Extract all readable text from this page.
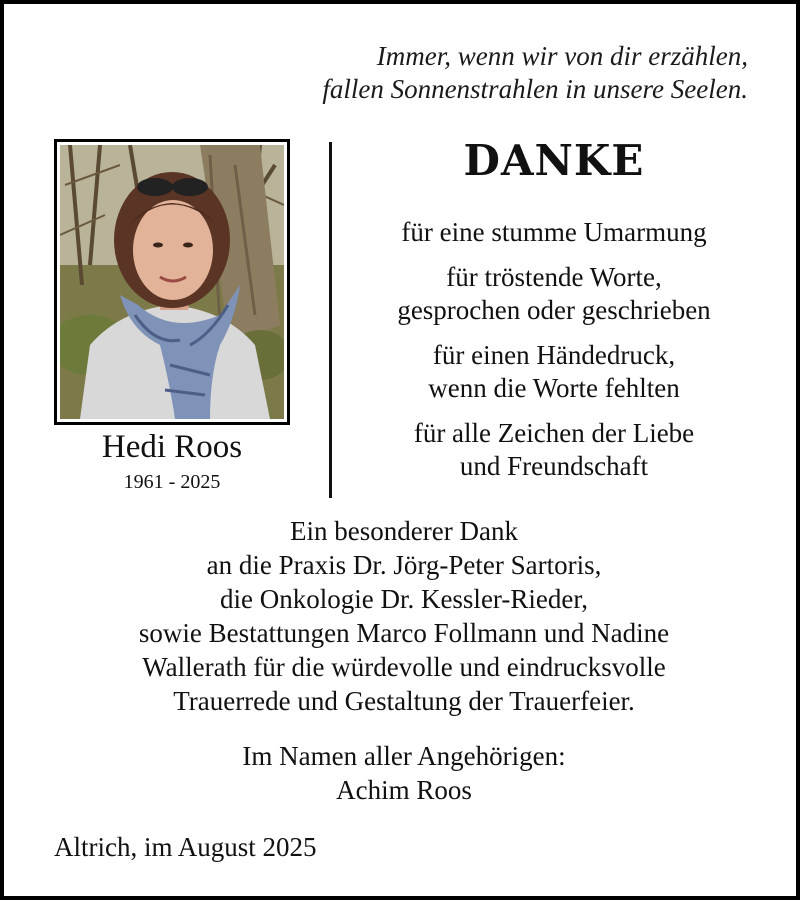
Immer, wenn wir von dir erzählen,
fallen Sonnenstrahlen in unsere Seelen.
Hedi Roos
1961 - 2025
DANKE
für eine stumme Umarmung
für tröstende Worte,
gesprochen oder geschrieben
für einen Händedruck,
wenn die Worte fehlten
für alle Zeichen der Liebe
und Freundschaft
Ein besonderer Dank
an die Praxis Dr. Jörg-Peter Sartoris,
die Onkologie Dr. Kessler-Rieder,
sowie Bestattungen Marco Follmann und Nadine
Wallerath für die würdevolle und eindrucksvolle
Trauerrede und Gestaltung der Trauerfeier.
Im Namen aller Angehörigen:
Achim Roos
Altrich, im August 2025
